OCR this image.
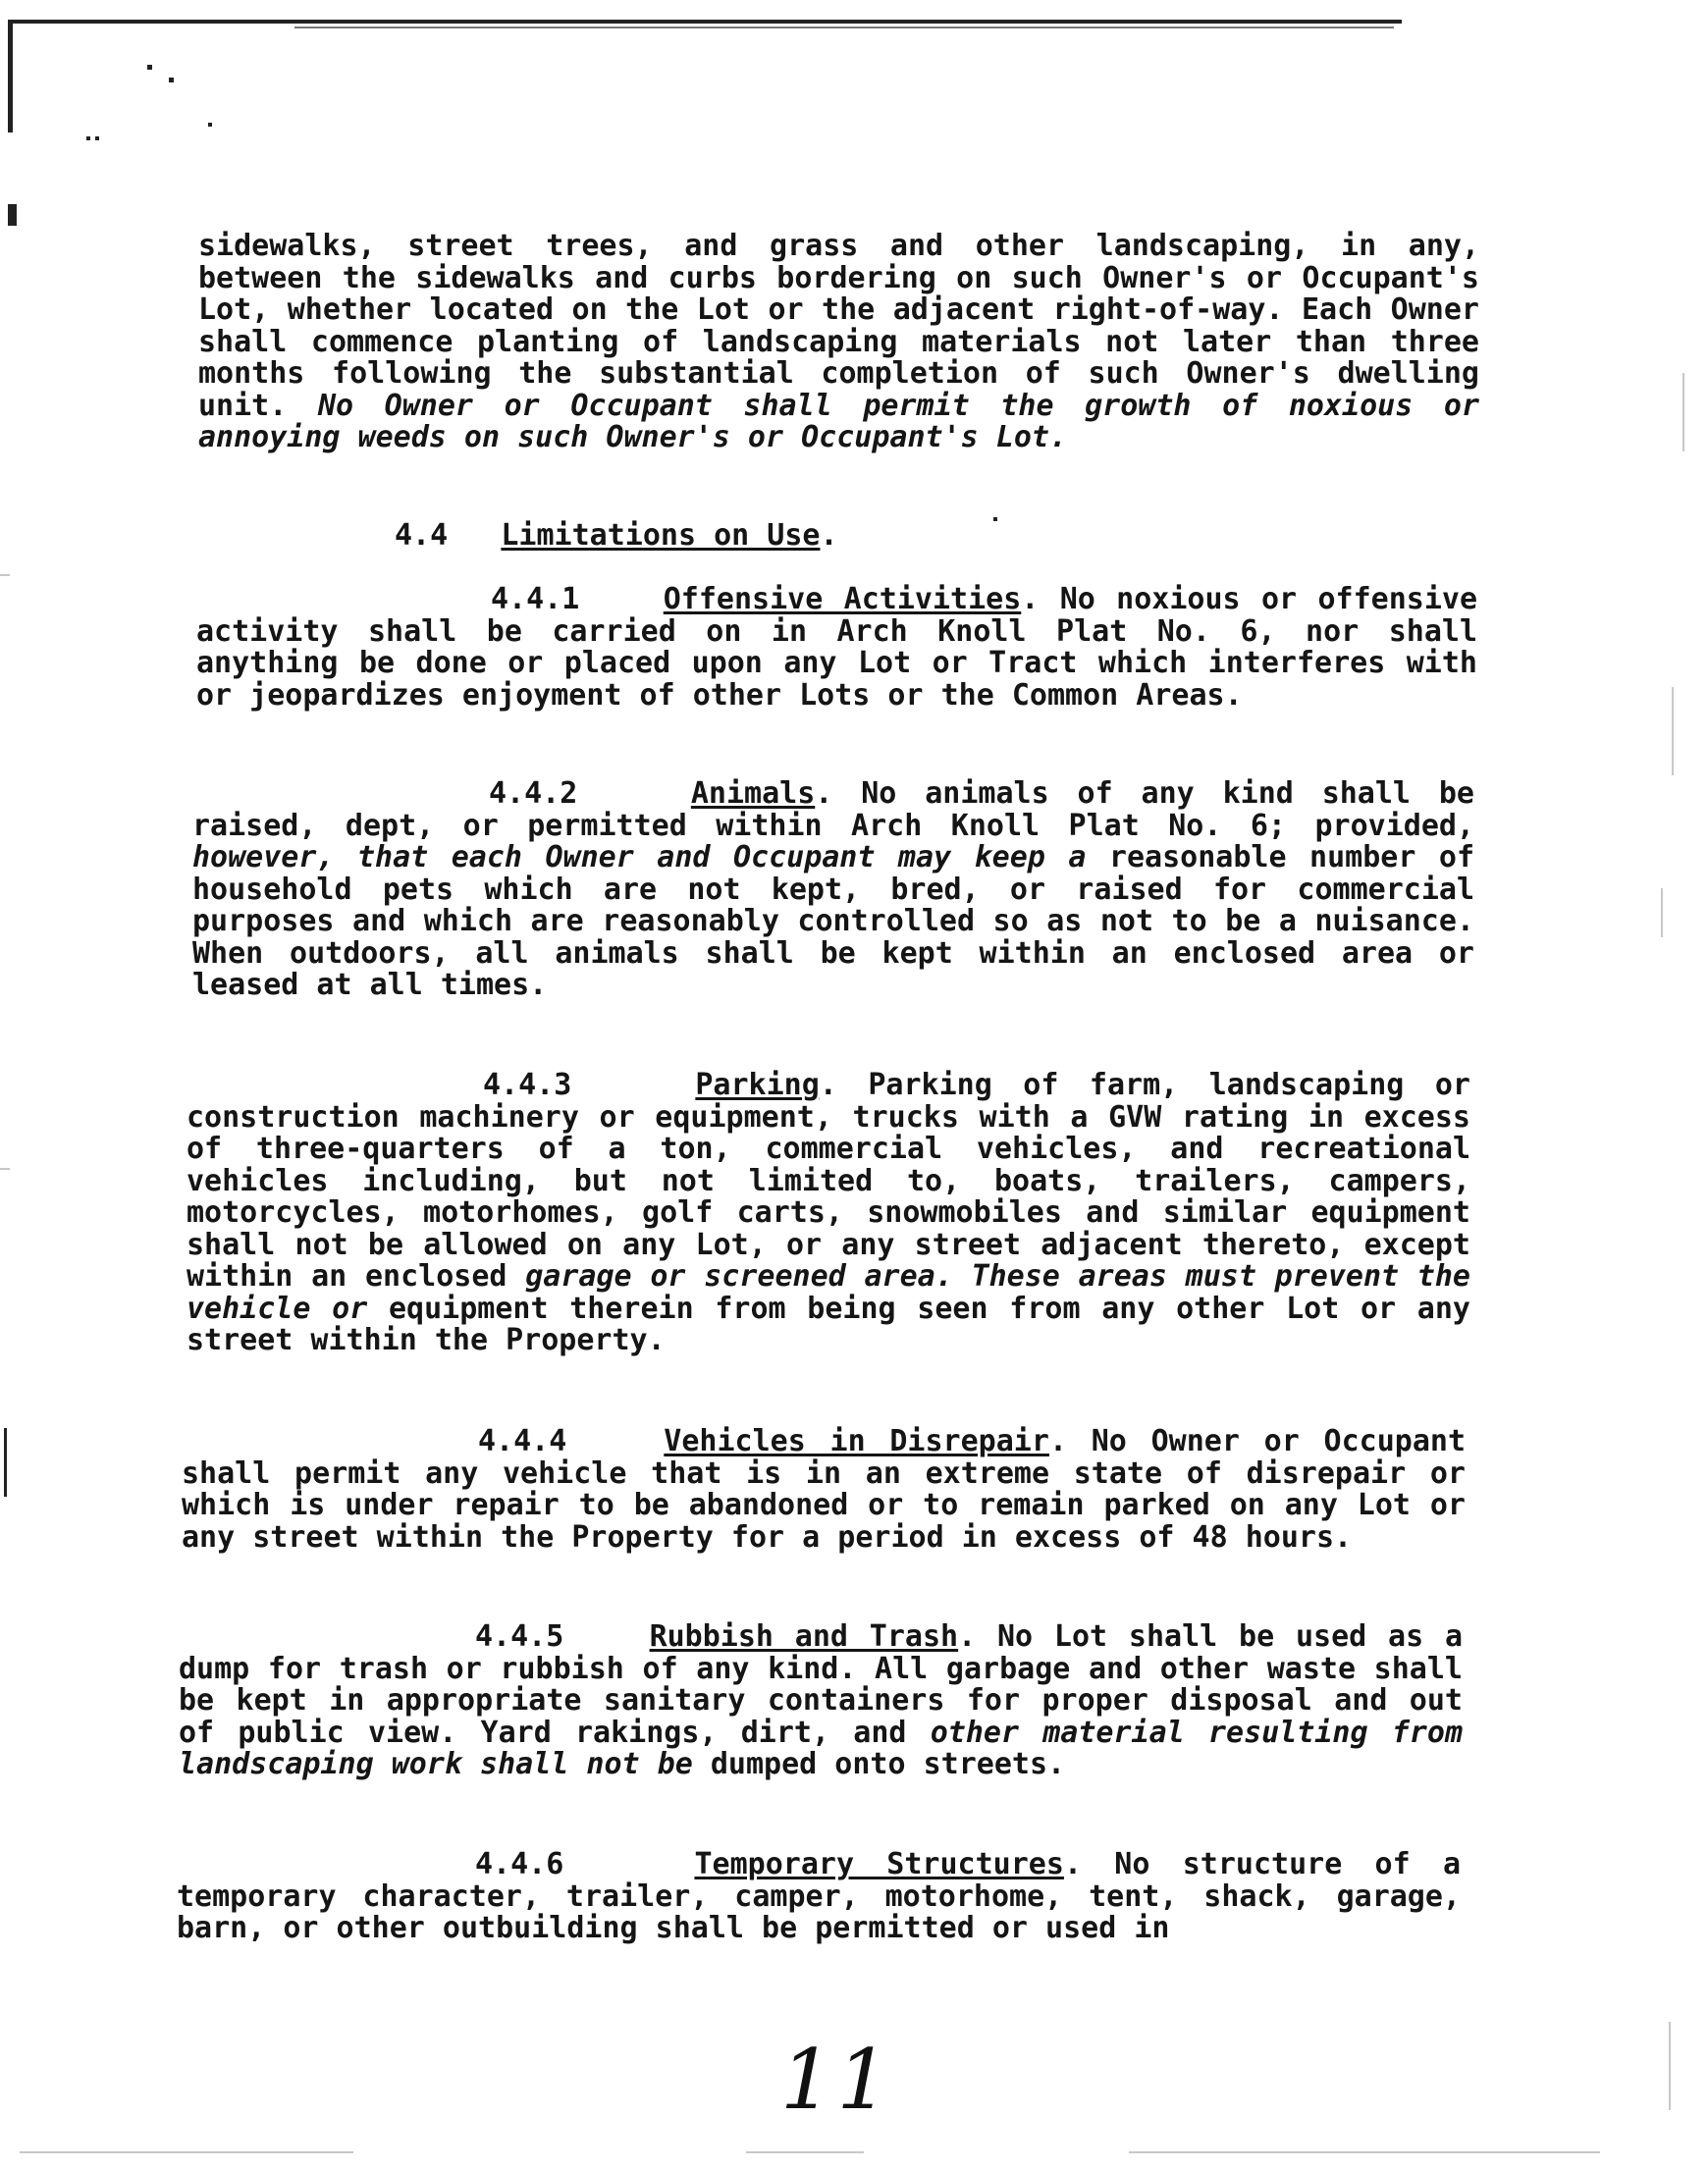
sidewalks, street trees, and grass and other landscaping, in any, between the sidewalks and curbs bordering on such Owner's or Occupant's Lot, whether located on the Lot or the adjacent right-of-way. Each Owner shall commence planting of landscaping materials not later than three months following the substantial completion of such Owner's dwelling unit. No Owner or Occupant shall permit the growth of noxious or annoying weeds on such Owner's or Occupant's Lot.

4.4 Limitations on Use.

4.4.1	Offensive Activities. No noxious or offensive activity shall be carried on in Arch Knoll Plat No. 6, nor shall anything be done or placed upon any Lot or Tract which interferes with or jeopardizes enjoyment of other Lots or the Common Areas.

4.4.2	Animals. No animals of any kind shall be raised, dept, or permitted within Arch Knoll Plat No. 6; provided, however, that each Owner and Occupant may keep a reasonable number of household pets which are not kept, bred, or raised for commercial purposes and which are reasonably controlled so as not to be a nuisance. When outdoors, all animals shall be kept within an enclosed area or leased at all times.

4.4.3	Parking. Parking of farm, landscaping or construction machinery or equipment, trucks with a GVW rating in excess of three-quarters of a ton, commercial vehicles, and recreational vehicles including, but not limited to, boats, trailers, campers, motorcycles, motorhomes, golf carts, snowmobiles and similar equipment shall not be allowed on any Lot, or any street adjacent thereto, except within an enclosed garage or screened area. These areas must prevent the vehicle or equipment therein from being seen from any other Lot or any street within the Property.

4.4.4	Vehicles in Disrepair. No Owner or Occupant shall permit any vehicle that is in an extreme state of disrepair or which is under repair to be abandoned or to remain parked on any Lot or any street within the Property for a period in excess of 48 hours.

4.4.5	Rubbish and Trash. No Lot shall be used as a dump for trash or rubbish of any kind. All garbage and other waste shall be kept in appropriate sanitary containers for proper disposal and out of public view. Yard rakings, dirt, and other material resulting from landscaping work shall not be dumped onto streets.

4.4.6	Temporary Structures. No structure of a temporary character, trailer, camper, motorhome, tent, shack, garage, barn, or other outbuilding shall be permitted or used in

11
